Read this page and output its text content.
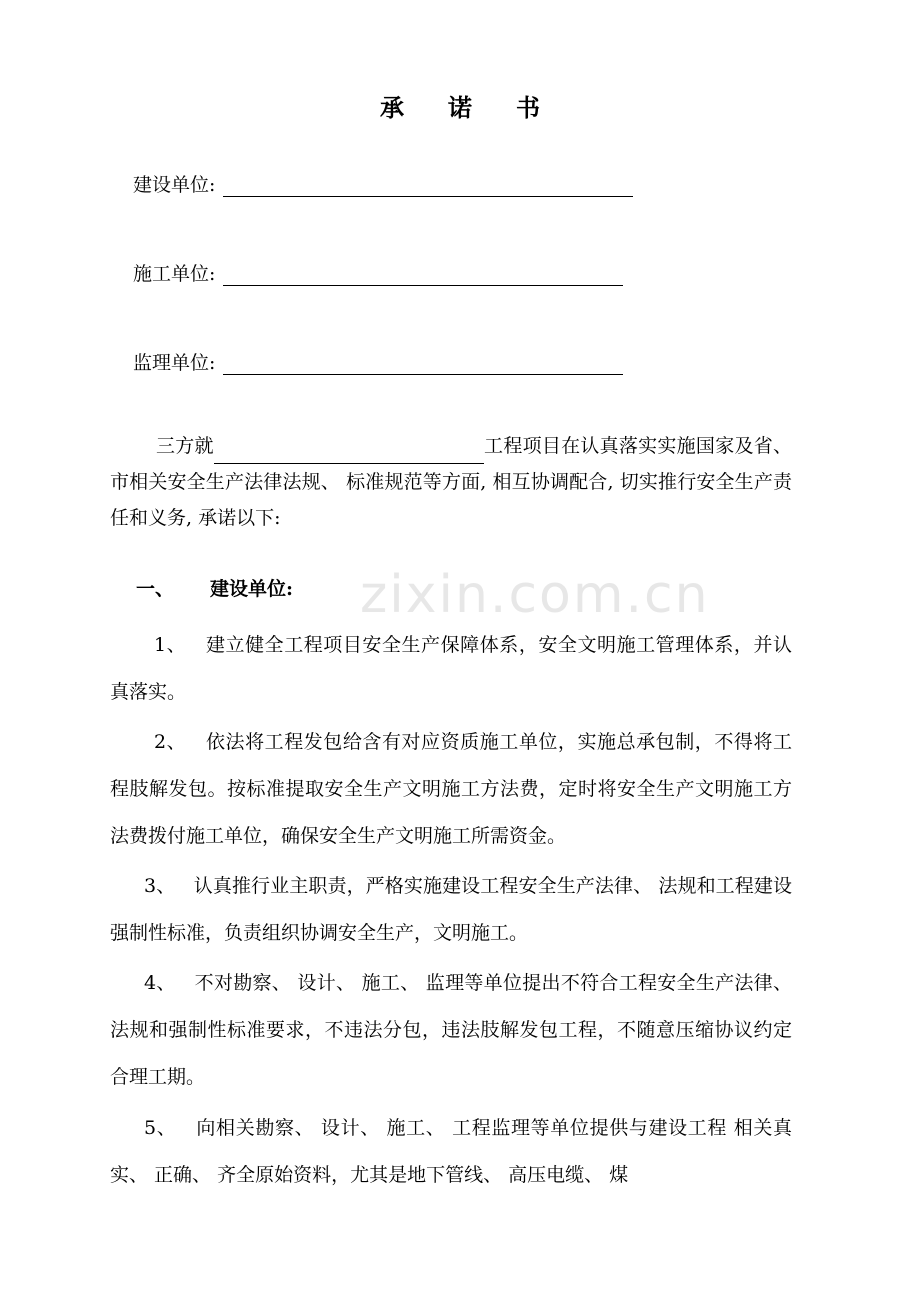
zixin.com.cn
承 诺 书
建设单位:
施工单位:
监理单位:
三方就	工程项目在认真落实实施国家及省、 市相关安全生产法律法规、 标准规范等方面, 相互协调配合, 切实推行安全生产责任和义务, 承诺以下:
一、 建设单位:
1、 建立健全工程项目安全生产保障体系，安全文明施工管理体系，并认真落实。
2、 依法将工程发包给含有对应资质施工单位，实施总承包制，不得将工程肢解发包。按标准提取安全生产文明施工方法费，定时将安全生产文明施工方法费拨付施工单位，确保安全生产文明施工所需资金。
3、 认真推行业主职责，严格实施建设工程安全生产法律、 法规和工程建设强制性标准，负责组织协调安全生产，文明施工。
4、 不对勘察、 设计、 施工、 监理等单位提出不符合工程安全生产法律、 法规和强制性标准要求，不违法分包，违法肢解发包工程，不随意压缩协议约定合理工期。
5、 向相关勘察、 设计、 施工、 工程监理等单位提供与建设工程 相关真实、 正确、 齐全原始资料，尤其是地下管线、 高压电缆、 煤
